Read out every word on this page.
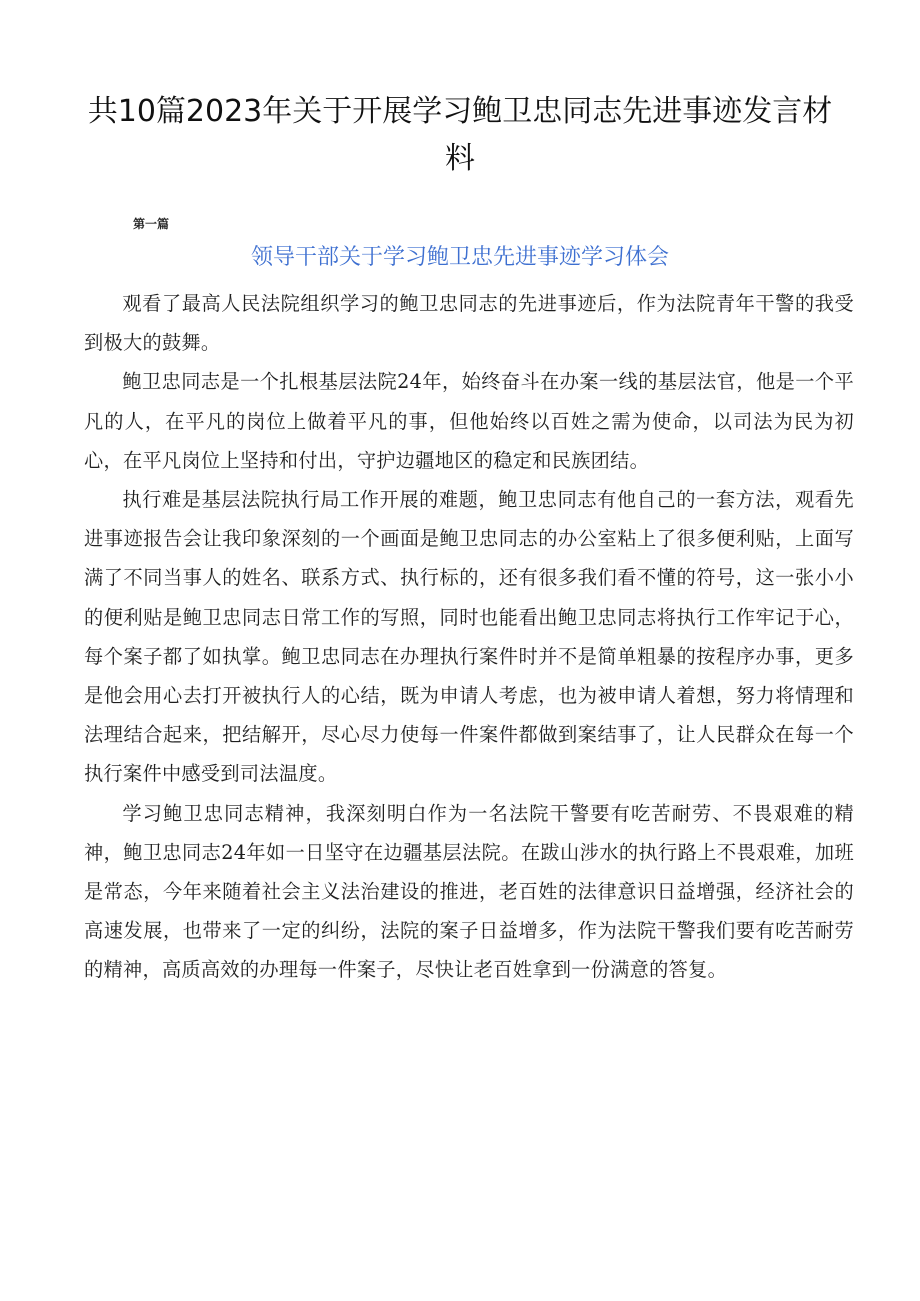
共10篇2023年关于开展学习鲍卫忠同志先进事迹发言材料
第一篇
领导干部关于学习鲍卫忠先进事迹学习体会

观看了最高人民法院组织学习的鲍卫忠同志的先进事迹后，作为法院青年干警的我受到极大的鼓舞。

鲍卫忠同志是一个扎根基层法院24年，始终奋斗在办案一线的基层法官，他是一个平凡的人，在平凡的岗位上做着平凡的事，但他始终以百姓之需为使命，以司法为民为初心，在平凡岗位上坚持和付出，守护边疆地区的稳定和民族团结。

执行难是基层法院执行局工作开展的难题，鲍卫忠同志有他自己的一套方法，观看先进事迹报告会让我印象深刻的一个画面是鲍卫忠同志的办公室粘上了很多便利贴，上面写满了不同当事人的姓名、联系方式、执行标的，还有很多我们看不懂的符号，这一张小小的便利贴是鲍卫忠同志日常工作的写照，同时也能看出鲍卫忠同志将执行工作牢记于心，每个案子都了如执掌。鲍卫忠同志在办理执行案件时并不是简单粗暴的按程序办事，更多是他会用心去打开被执行人的心结，既为申请人考虑，也为被申请人着想，努力将情理和法理结合起来，把结解开，尽心尽力使每一件案件都做到案结事了，让人民群众在每一个执行案件中感受到司法温度。

学习鲍卫忠同志精神，我深刻明白作为一名法院干警要有吃苦耐劳、不畏艰难的精神，鲍卫忠同志24年如一日坚守在边疆基层法院。在跋山涉水的执行路上不畏艰难，加班是常态，今年来随着社会主义法治建设的推进，老百姓的法律意识日益增强，经济社会的高速发展，也带来了一定的纠纷，法院的案子日益增多，作为法院干警我们要有吃苦耐劳的精神，高质高效的办理每一件案子，尽快让老百姓拿到一份满意的答复。
